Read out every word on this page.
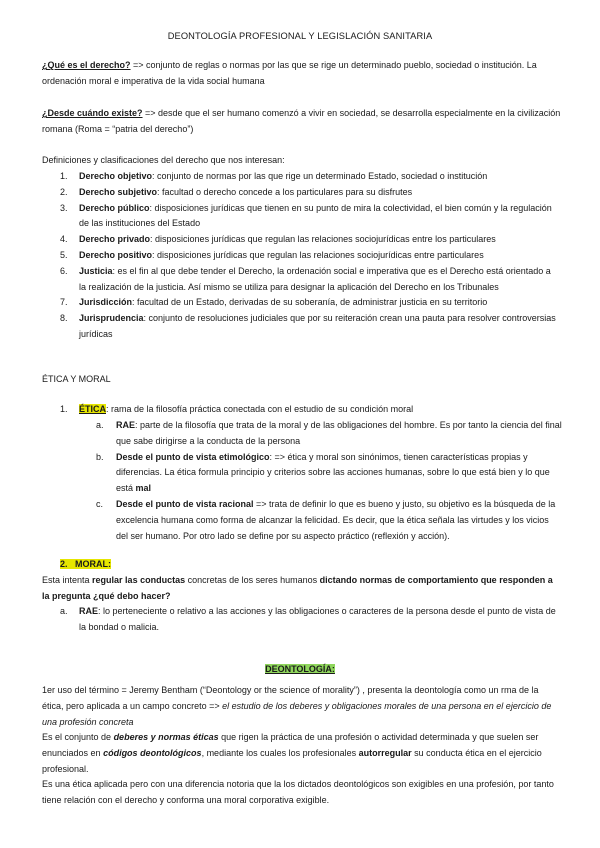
DEONTOLOGÍA PROFESIONAL Y LEGISLACIÓN SANITARIA
¿Qué es el derecho? => conjunto de reglas o normas por las que se rige un determinado pueblo, sociedad o institución. La ordenación moral e imperativa de la vida social humana
¿Desde cuándo existe? => desde que el ser humano comenzó a vivir en sociedad, se desarrolla especialmente en la civilización romana (Roma = “patria del derecho”)
Definiciones y clasificaciones del derecho que nos interesan:
1. Derecho objetivo: conjunto de normas por las que rige un determinado Estado, sociedad o institución
2. Derecho subjetivo: facultad o derecho concede a los particulares para su disfrutes
3. Derecho público: disposiciones jurídicas que tienen en su punto de mira la colectividad, el bien común y la regulación de las instituciones del Estado
4. Derecho privado: disposiciones jurídicas que regulan las relaciones sociojurídicas entre los particulares
5. Derecho positivo: disposiciones jurídicas que regulan las relaciones sociojurídicas entre particulares
6. Justicia: es el fin al que debe tender el Derecho, la ordenación social e imperativa que es el Derecho está orientado a la realización de la justicia. Así mismo se utiliza para designar la aplicación del Derecho en los Tribunales
7. Jurisdicción: facultad de un Estado, derivadas de su soberanía, de administrar justicia en su territorio
8. Jurisprudencia: conjunto de resoluciones judiciales que por su reiteración crean una pauta para resolver controversias jurídicas
ÉTICA Y MORAL
1. ÉTICA: rama de la filosofía práctica conectada con el estudio de su condición moral
a. RAE: parte de la filosofía que trata de la moral y de las obligaciones del hombre. Es por tanto la ciencia del final que sabe dirigirse a la conducta de la persona
b. Desde el punto de vista etimológico: => ética y moral son sinónimos, tienen características propias y diferencias. La ética formula principio y criterios sobre las acciones humanas, sobre lo que está bien y lo que está mal
c. Desde el punto de vista racional => trata de definir lo que es bueno y justo, su objetivo es la búsqueda de la excelencia humana como forma de alcanzar la felicidad. Es decir, que la ética señala las virtudes y los vicios del ser humano. Por otro lado se define por su aspecto práctico (reflexión y acción).
2. MORAL:
Esta intenta regular las conductas concretas de los seres humanos dictando normas de comportamiento que responden a la pregunta ¿qué debo hacer?
a. RAE: lo perteneciente o relativo a las acciones y las obligaciones o caracteres de la persona desde el punto de vista de la bondad o malicia.
DEONTOLOGÍA:
1er uso del término = Jeremy Bentham (“Deontology or the science of morality”) , presenta la deontología como un rma de la ética, pero aplicada a un campo concreto => el estudio de los deberes y obligaciones morales de una persona en el ejercicio de una profesión concreta
Es el conjunto de deberes y normas éticas que rigen la práctica de una profesión o actividad determinada y que suelen ser enunciados en códigos deontológicos, mediante los cuales los profesionales autorregular su conducta ética en el ejercicio profesional.
Es una ética aplicada pero con una diferencia notoria que la los dictados deontológicos son exigibles en una profesión, por tanto tiene relación con el derecho y conforma una moral corporativa exigible.
